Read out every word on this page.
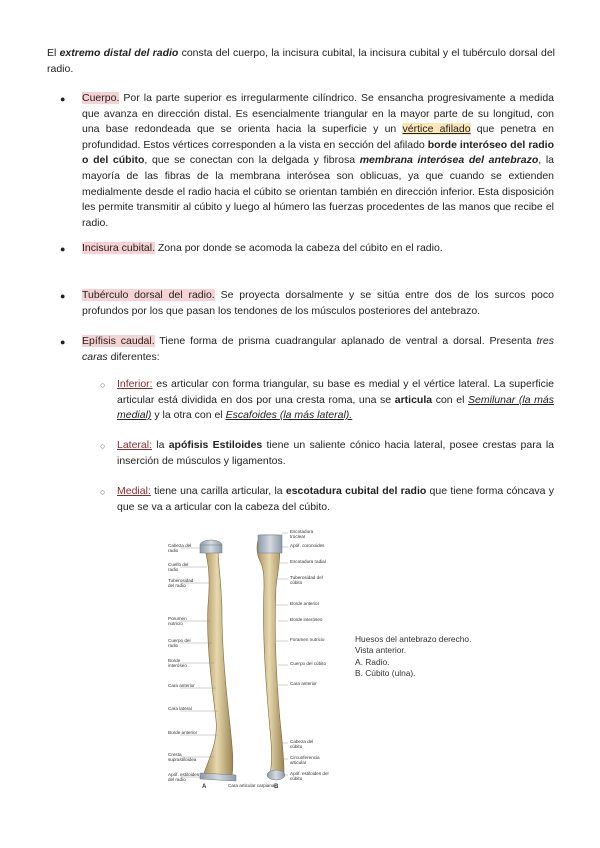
El extremo distal del radio consta del cuerpo, la incisura cubital, la incisura cubital y el tubérculo dorsal del radio.
●	Cuerpo. Por la parte superior es irregularmente cilíndrico. Se ensancha progresivamente a medida que avanza en dirección distal. Es esencialmente triangular en la mayor parte de su longitud, con una base redondeada que se orienta hacia la superficie y un vértice afilado que penetra en profundidad. Estos vértices corresponden a la vista en sección del afilado borde interóseo del radio o del cúbito, que se conectan con la delgada y fibrosa membrana interósea del antebrazo, la mayoría de las fibras de la membrana interósea son oblicuas, ya que cuando se extienden medialmente desde el radio hacia el cúbito se orientan también en dirección inferior. Esta disposición les permite transmitir al cúbito y luego al húmero las fuerzas procedentes de las manos que recibe el radio.
●	Incisura cubital. Zona por donde se acomoda la cabeza del cúbito en el radio.
●	Tubérculo dorsal del radio. Se proyecta dorsalmente y se sitúa entre dos de los surcos poco profundos por los que pasan los tendones de los músculos posteriores del antebrazo.
●	Epífisis caudal. Tiene forma de prisma cuadrangular aplanado de ventral a dorsal. Presenta tres caras diferentes:
○	Inferior: es articular con forma triangular, su base es medial y el vértice lateral. La superficie articular está dividida en dos por una cresta roma, una se articula con el Semilunar (la más medial) y la otra con el Escafoides (la más lateral).
○	Lateral: la apófisis Estiloides tiene un saliente cónico hacia lateral, posee crestas para la inserción de músculos y ligamentos.
○	Medial: tiene una carilla articular, la escotadura cubital del radio que tiene forma cóncava y que se va a articular con la cabeza del cúbito.
Cabeza del radio
Cuello del radio
Tuberosidad del radio
Porumen nutricio
Cuerpo del radio
Borde interóseo
Cara anterior
Cara lateral
Borde anterior
Cresta suprastiloidea
Apóf. estiloides del radio
Cara articular carpiana
A	B
Escotadura troclear
Apóf. coronoides
Escotadura radial
Tuberosidad del cúbito
Borde anterior
Borde interóseo
Foramen nutricio
Cuerpo del cúbito
Cara anterior
Cabeza del cúbito
Circunferencia articular
Apóf. estiloides del cúbito
Huesos del antebrazo derecho.
Vista anterior.
A. Radio.
B. Cúbito (ulna).
